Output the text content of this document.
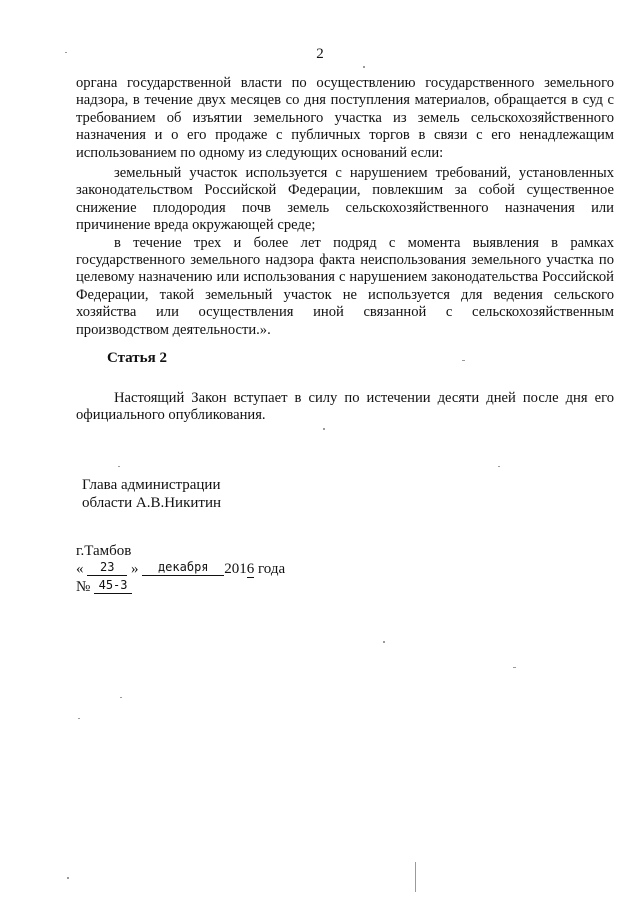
2

органа государственной власти по осуществлению государственного земельного надзора, в течение двух месяцев со дня поступления материалов, обращается в суд с требованием об изъятии земельного участка из земель сельскохозяйственного назначения и о его продаже с публичных торгов в связи с его ненадлежащим использованием по одному из следующих оснований если:

земельный участок используется с нарушением требований, установленных законодательством Российской Федерации, повлекшим за собой существенное снижение плодородия почв земель сельскохозяйственного назначения или причинение вреда окружающей среде;

в течение трех и более лет подряд с момента выявления в рамках государственного земельного надзора факта неиспользования земельного участка по целевому назначению или использования с нарушением законодательства Российской Федерации, такой земельный участок не используется для ведения сельского хозяйства или осуществления иной связанной с сельскохозяйственным производством деятельности.».

Статья 2

Настоящий Закон вступает в силу по истечении десяти дней после дня его официального опубликования.

Глава администрации
области А.В.Никитин
г.Тамбов
« 23 » декабря 2016 года
№ 45-З
